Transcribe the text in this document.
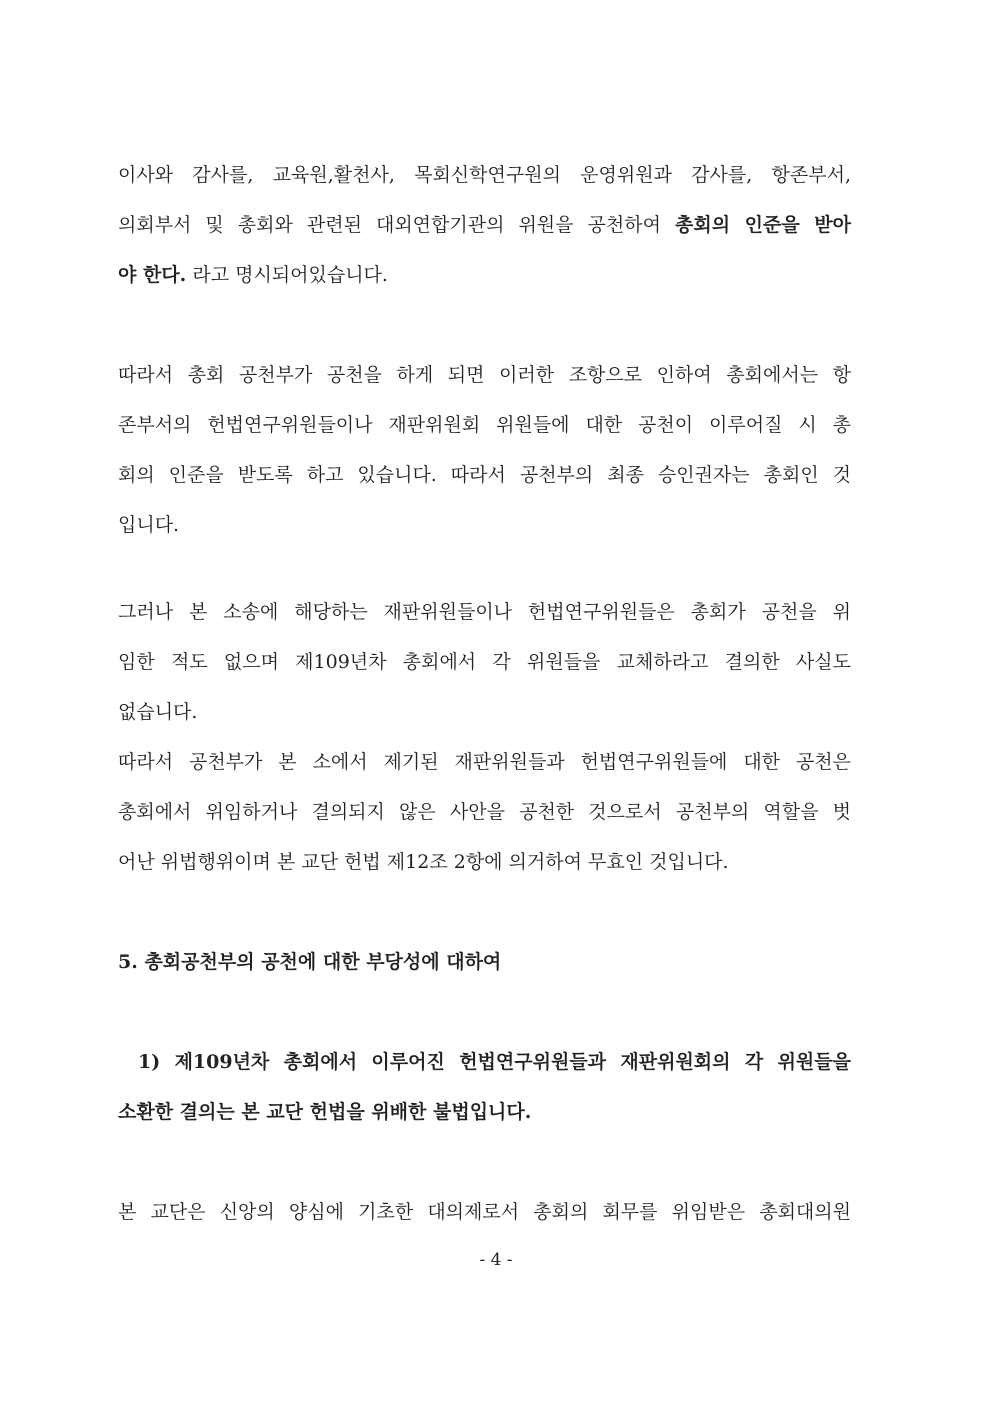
이사와 감사를, 교육원,활천사, 목회신학연구원의 운영위원과 감사를, 항존부서,
의회부서 및 총회와 관련된 대외연합기관의 위원을 공천하여 총회의 인준을 받아
야 한다. 라고 명시되어있습니다.
따라서 총회 공천부가 공천을 하게 되면 이러한 조항으로 인하여 총회에서는 항
존부서의 헌법연구위원들이나 재판위원회 위원들에 대한 공천이 이루어질 시 총
회의 인준을 받도록 하고 있습니다. 따라서 공천부의 최종 승인권자는 총회인 것
입니다.
그러나 본 소송에 해당하는 재판위원들이나 헌법연구위원들은 총회가 공천을 위
임한 적도 없으며 제109년차 총회에서 각 위원들을 교체하라고 결의한 사실도
없습니다.
따라서 공천부가 본 소에서 제기된 재판위원들과 헌법연구위원들에 대한 공천은
총회에서 위임하거나 결의되지 않은 사안을 공천한 것으로서 공천부의 역할을 벗
어난 위법행위이며 본 교단 헌법 제12조 2항에 의거하여 무효인 것입니다.
5. 총회공천부의 공천에 대한 부당성에 대하여
1) 제109년차 총회에서 이루어진 헌법연구위원들과 재판위원회의 각 위원들을
소환한 결의는 본 교단 헌법을 위배한 불법입니다.
본 교단은 신앙의 양심에 기초한 대의제로서 총회의 회무를 위임받은 총회대의원
- 4 -
